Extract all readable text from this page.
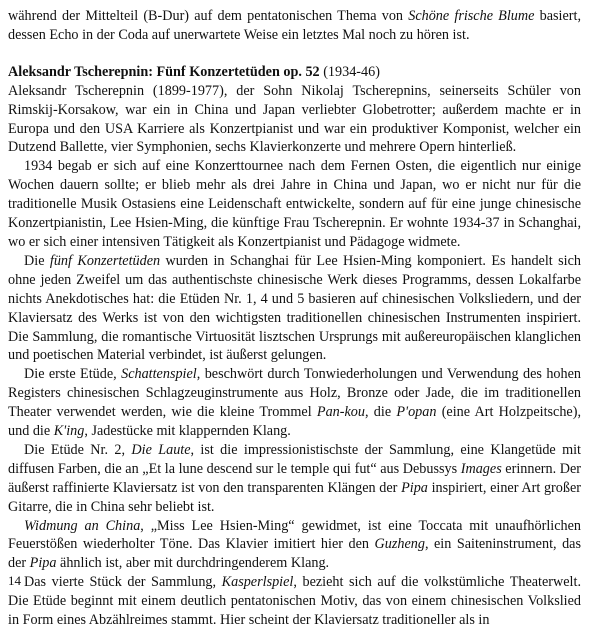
während der Mittelteil (B-Dur) auf dem pentatonischen Thema von Schöne frische Blume basiert, dessen Echo in der Coda auf unerwartete Weise ein letztes Mal noch zu hören ist.

Aleksandr Tscherepnin: Fünf Konzertetüden op. 52 (1934-46)

Aleksandr Tscherepnin (1899-1977), der Sohn Nikolaj Tscherepnins, seinerseits Schüler von Rimskij-Korsakow, war ein in China und Japan verliebter Globetrotter; außerdem machte er in Europa und den USA Karriere als Konzertpianist und war ein produktiver Komponist, welcher ein Dutzend Ballette, vier Symphonien, sechs Klavierkonzerte und mehrere Opern hinterließ.

1934 begab er sich auf eine Konzerttournee nach dem Fernen Osten, die eigentlich nur einige Wochen dauern sollte; er blieb mehr als drei Jahre in China und Japan, wo er nicht nur für die traditionelle Musik Ostasiens eine Leidenschaft entwickelte, sondern auf für eine junge chinesische Konzertpianistin, Lee Hsien-Ming, die künftige Frau Tscherepnin. Er wohnte 1934-37 in Schanghai, wo er sich einer intensiven Tätigkeit als Konzertpianist und Pädagoge widmete.

Die fünf Konzertetüden wurden in Schanghai für Lee Hsien-Ming komponiert. Es handelt sich ohne jeden Zweifel um das authentischste chinesische Werk dieses Programms, dessen Lokalfarbe nichts Anekdotisches hat: die Etüden Nr. 1, 4 und 5 basieren auf chinesischen Volksliedern, und der Klaviersatz des Werks ist von den wichtigsten traditionellen chinesischen Instrumenten inspiriert. Die Sammlung, die romantische Virtuosität lisztschen Ursprungs mit außereuropäischen klanglichen und poetischen Material verbindet, ist äußerst gelungen.

Die erste Etüde, Schattenspiel, beschwört durch Tonwiederholungen und Verwendung des hohen Registers chinesischen Schlagzeuginstrumente aus Holz, Bronze oder Jade, die im traditionellen Theater verwendet werden, wie die kleine Trommel Pan-kou, die P'opan (eine Art Holzpeitsche), und die K'ing, Jadestücke mit klappernden Klang.

Die Etüde Nr. 2, Die Laute, ist die impressionistischste der Sammlung, eine Klangetüde mit diffusen Farben, die an „Et la lune descend sur le temple qui fut“ aus Debussys Images erinnern. Der äußerst raffinierte Klaviersatz ist von den transparenten Klängen der Pipa inspiriert, einer Art großer Gitarre, die in China sehr beliebt ist.

Widmung an China, „Miss Lee Hsien-Ming“ gewidmet, ist eine Toccata mit unaufhörlichen Feuerstößen wiederholter Töne. Das Klavier imitiert hier den Guzheng, ein Saiteninstrument, das der Pipa ähnlich ist, aber mit durchdringenderem Klang.

Das vierte Stück der Sammlung, Kasperlspiel, bezieht sich auf die volkstümliche Theaterwelt. Die Etüde beginnt mit einem deutlich pentatonischen Motiv, das von einem chinesischen Volkslied in Form eines Abzählreimes stammt. Hier scheint der Klaviersatz traditioneller als in

14
